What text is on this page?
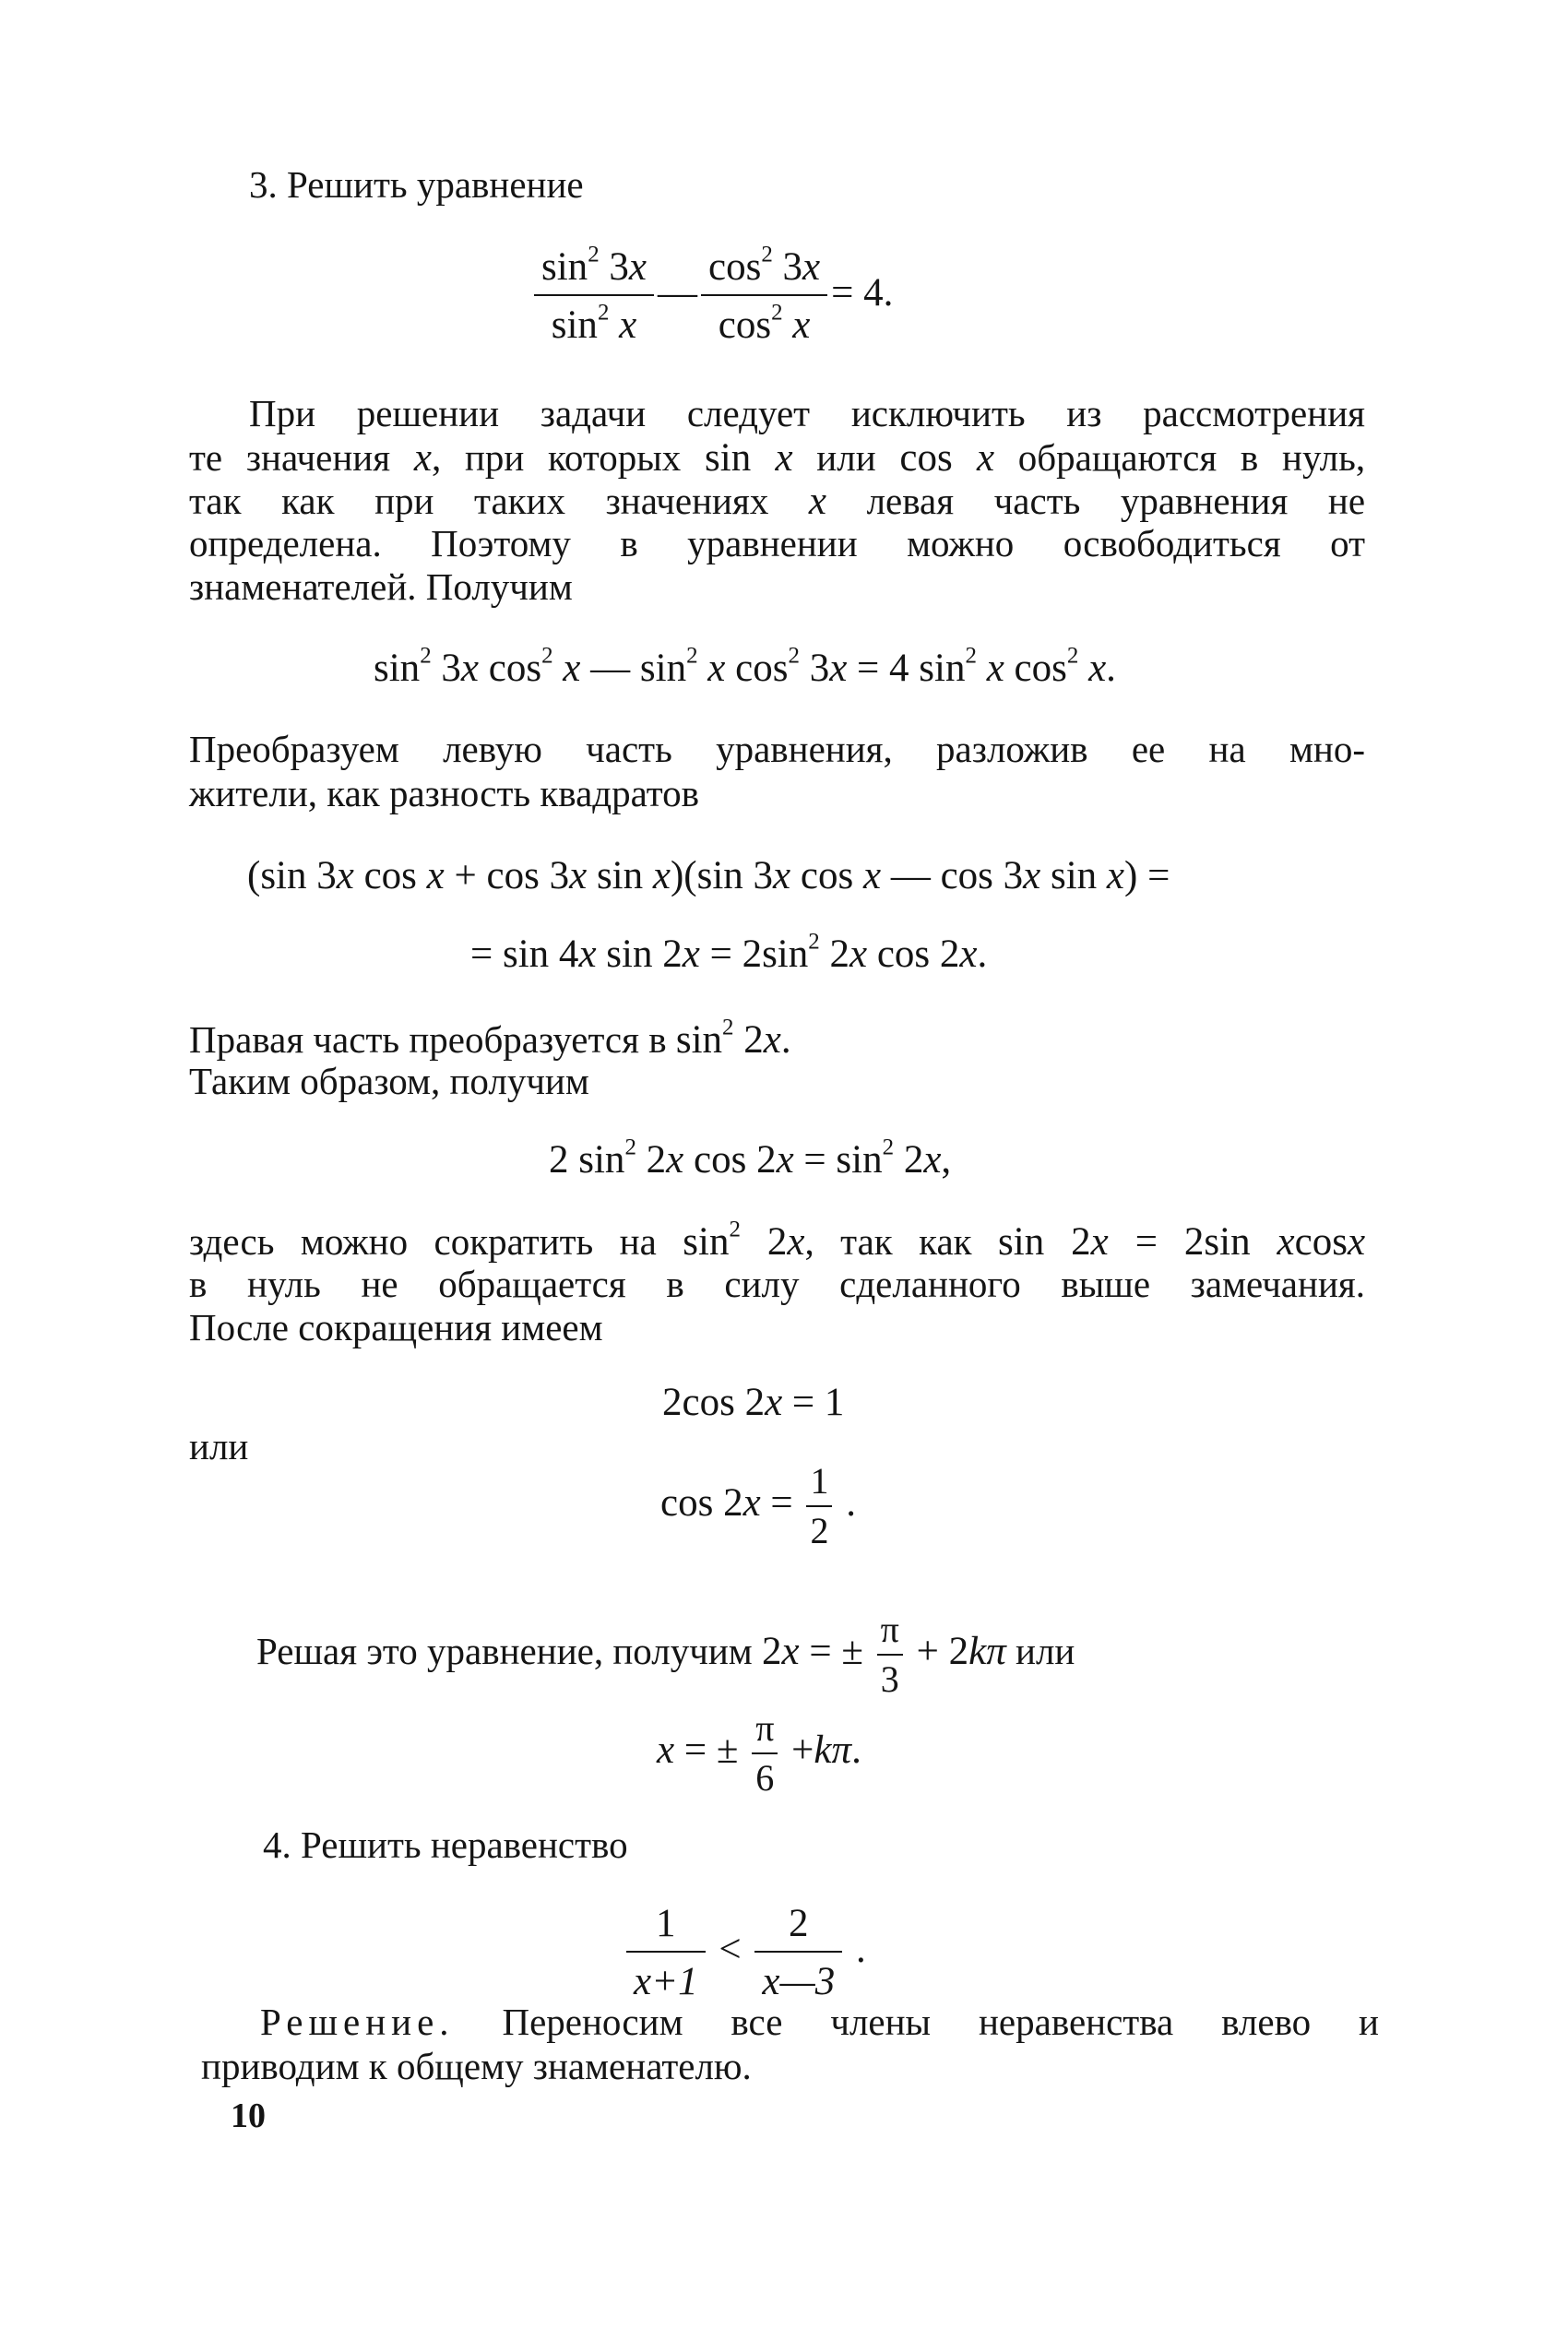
3. Решить уравнение
$\frac{\sin^2 3x}{\sin^2 x}$ — $\frac{\cos^2 3x}{\cos^2 x} = 4$.
При решении задачи следует исключить из рассмотрения
те значения x, при которых sin x или cos x обращаются в нуль,
так как при таких значениях x левая часть уравнения не
определена. Поэтому в уравнении можно освободиться от
знаменателей. Получим
$\sin^2 3x$ $\cos^2 x$ — $\sin^2 x$ $\cos^2 3x = 4$ $\sin^2 x$ $\cos^2 x$.
Преобразуем левую часть уравнения, разложив ее на мно-
жители, как разность квадратов
(sin 3x cos x + cos 3x sin x)(sin 3x cos x — cos 3x sin x) =
= sin 4x $\sin 2x = 2\sin^2$ 2x cos 2x.
Правая часть преобразуется в $\sin^2 2x$.
Таким образом, получим
2 $\sin^2 2x$ $\cos 2x = \sin^2 2x$,
здесь можно сократить на $\sin^2 2x$, так как sin 2x = 2sin xcosx
в нуль не обращается в силу сделанного выше замечания.
После сокращения имеем
2cos 2x = 1
или
$\cos 2x = \frac{1}{2}$ .
Решая это уравнение, получим 2x = ± $\frac{\pi}{3} + 2k\pi$ или
x = ± $\frac{\pi}{6} +k\pi$.
4. Решить неравенство
$\frac{1}{x+1} < \frac{2}{x—3}$ .
Решение. Переносим все члены неравенства влево и
приводим к общему знаменателю.
10
